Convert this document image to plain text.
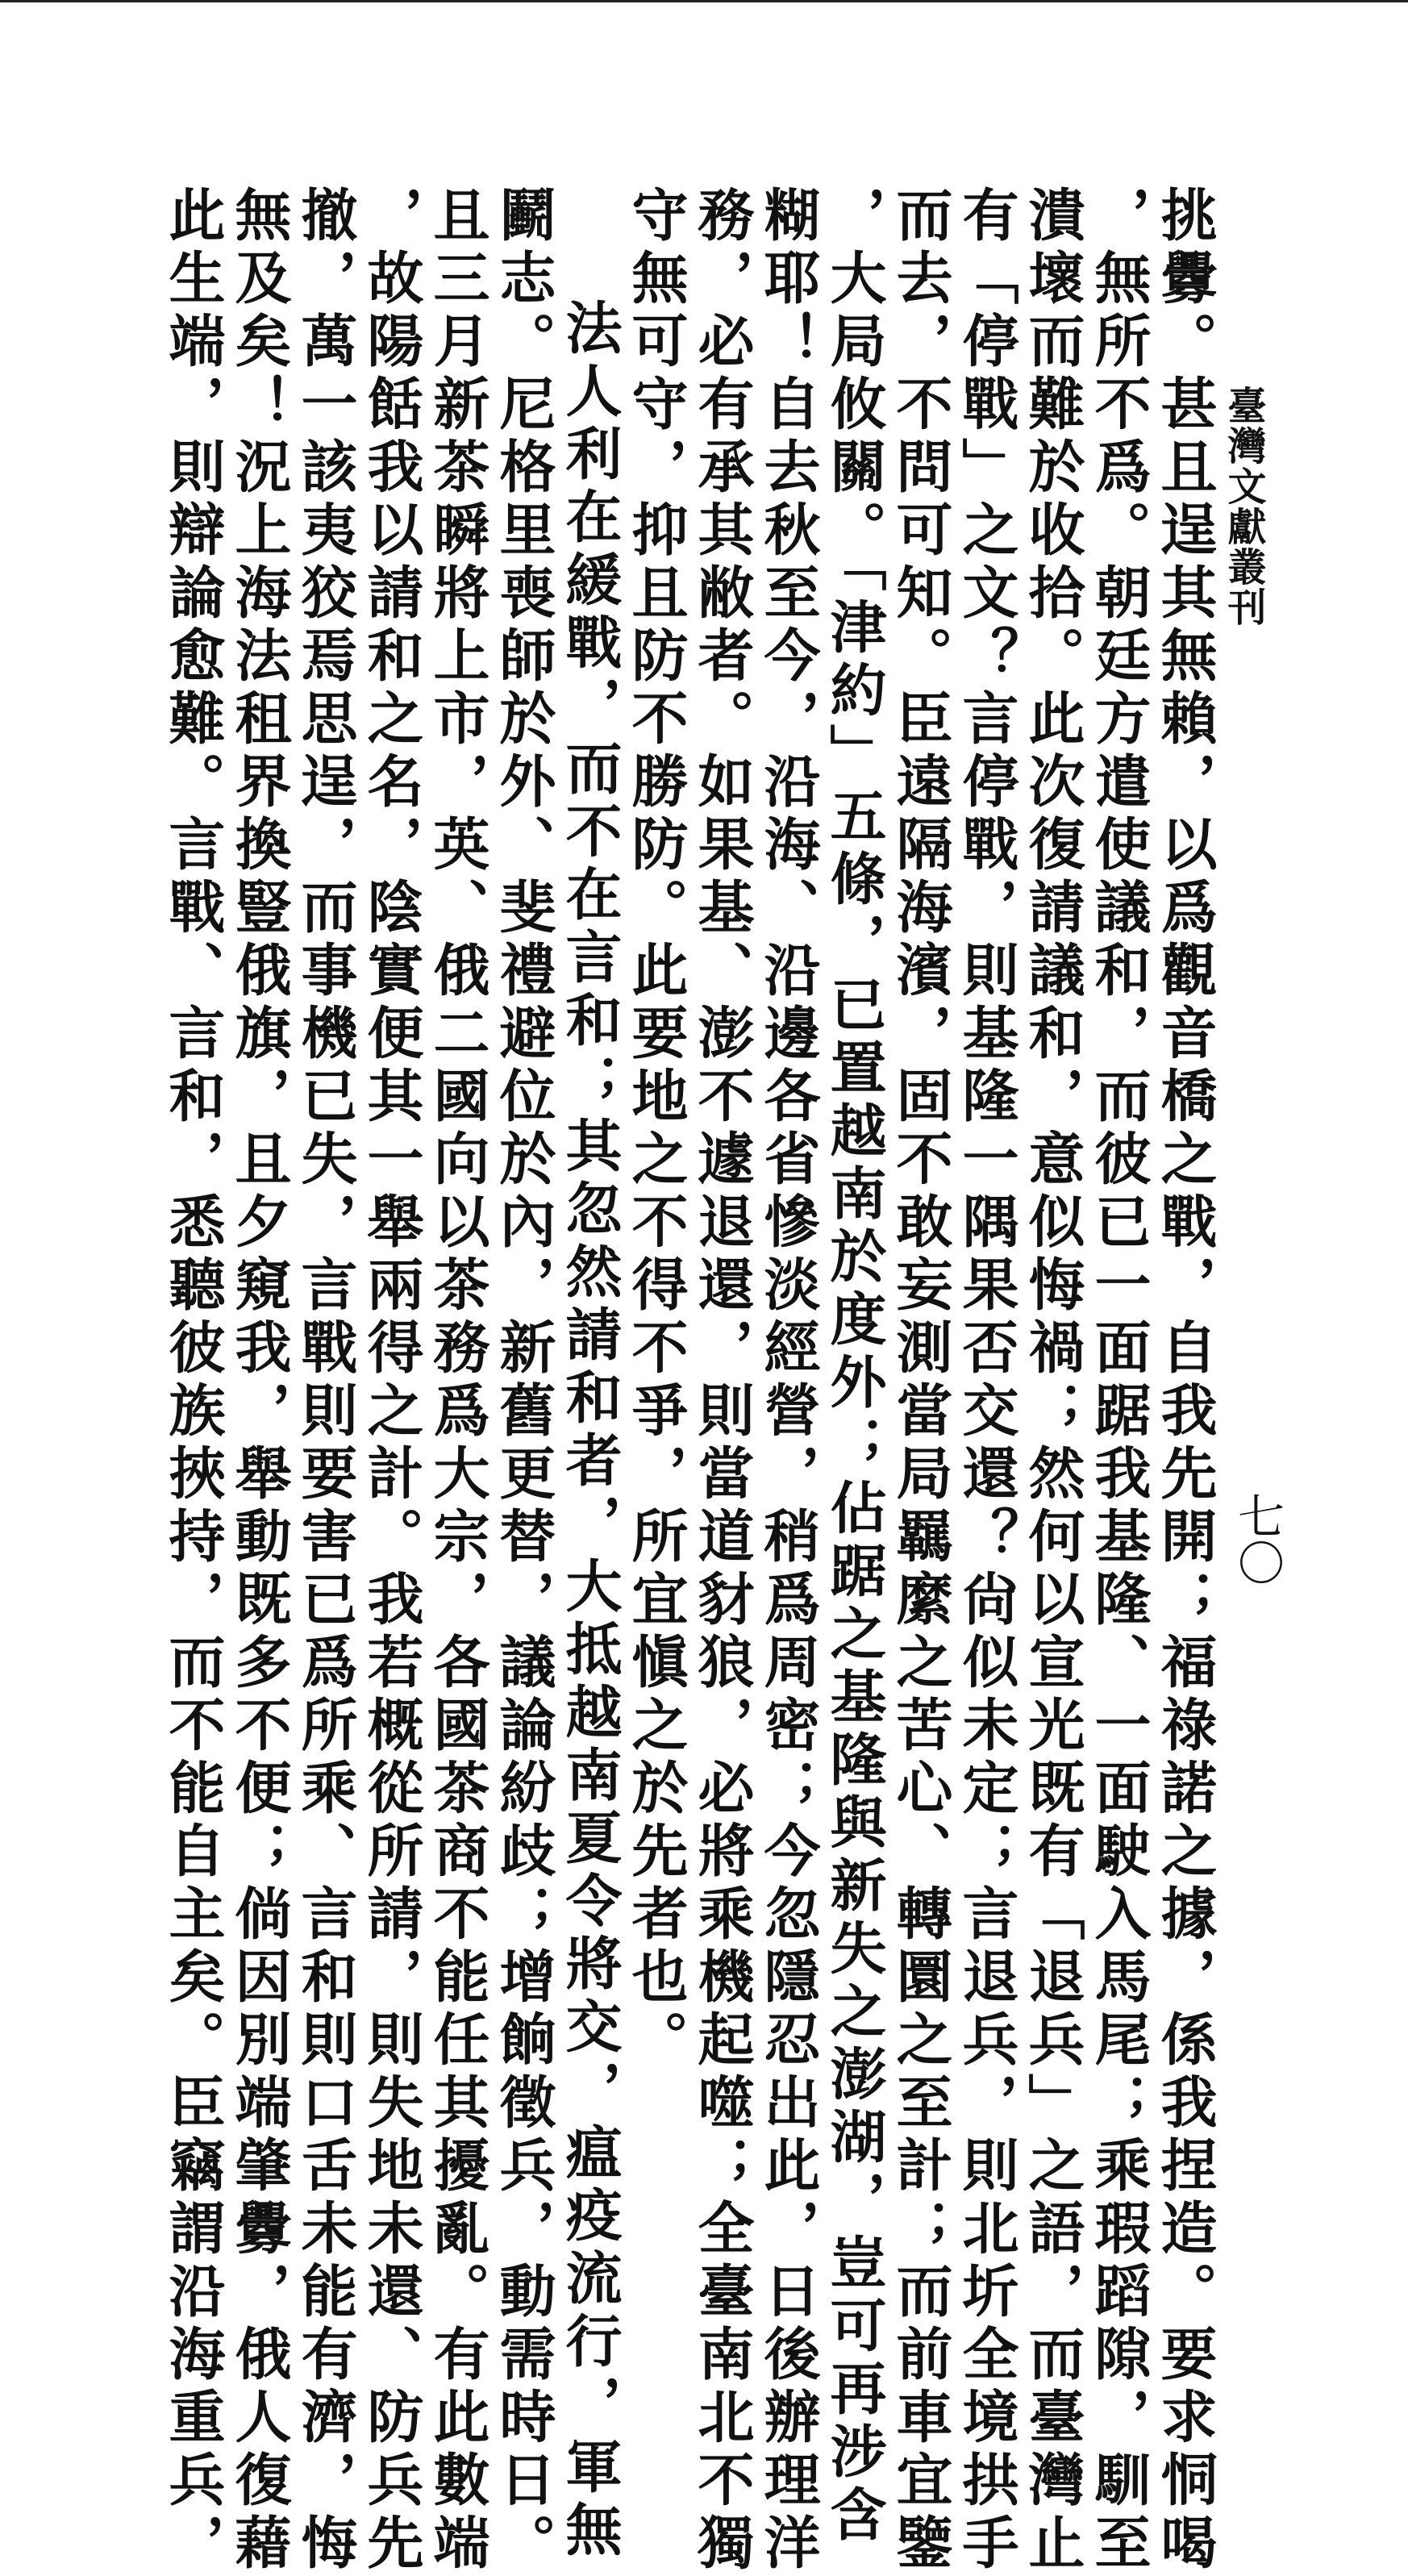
臺灣文獻叢刊
七〇
挑釁。甚且逞其無賴，以爲觀音橋之戰，自我先開；福祿諾之據，係我捏造。要求恫喝
，無所不爲。朝廷方遣使議和，而彼已一面踞我基隆、一面駛入馬尾；乘瑕蹈隙，馴至
潰壞而難於收拾。此次復請議和，意似悔禍；然何以宣光既有「退兵」之語，而臺灣止
有「停戰」之文？言停戰，則基隆一隅果否交還？尙似未定；言退兵，則北圻全境拱手
而去，不問可知。臣遠隔海濱，固不敢妄測當局羈縻之苦心、轉圜之至計；而前車宜鑒
，大局攸關。「津約」五條，已置越南於度外；佔踞之基隆與新失之澎湖，豈可再涉含
糊耶！自去秋至今，沿海、沿邊各省慘淡經營，稍爲周密；今忽隱忍出此，日後辦理洋
務，必有承其敝者。如果基、澎不遽退還，則當道豺狼，必將乘機起噬；全臺南北不獨
守無可守，抑且防不勝防。此要地之不得不爭，所宜愼之於先者也。
法人利在緩戰，而不在言和；其忽然請和者，大抵越南夏令將交，瘟疫流行，軍無
鬬志。尼格里喪師於外、斐禮避位於內，新舊更替，議論紛歧；增餉徵兵，動需時日。
且三月新茶瞬將上市，英、俄二國向以茶務爲大宗，各國茶商不能任其擾亂。有此數端
，故陽餂我以請和之名，陰實便其一舉兩得之計。我若概從所請，則失地未還、防兵先
撤，萬一該夷狡焉思逞，而事機已失，言戰則要害已爲所乘、言和則口舌未能有濟，悔
無及矣！況上海法租界換豎俄旗，且夕窺我，舉動既多不便；倘因別端肇釁，俄人復藉
此生端，則辯論愈難。言戰、言和，悉聽彼族挾持，而不能自主矣。臣竊謂沿海重兵，
